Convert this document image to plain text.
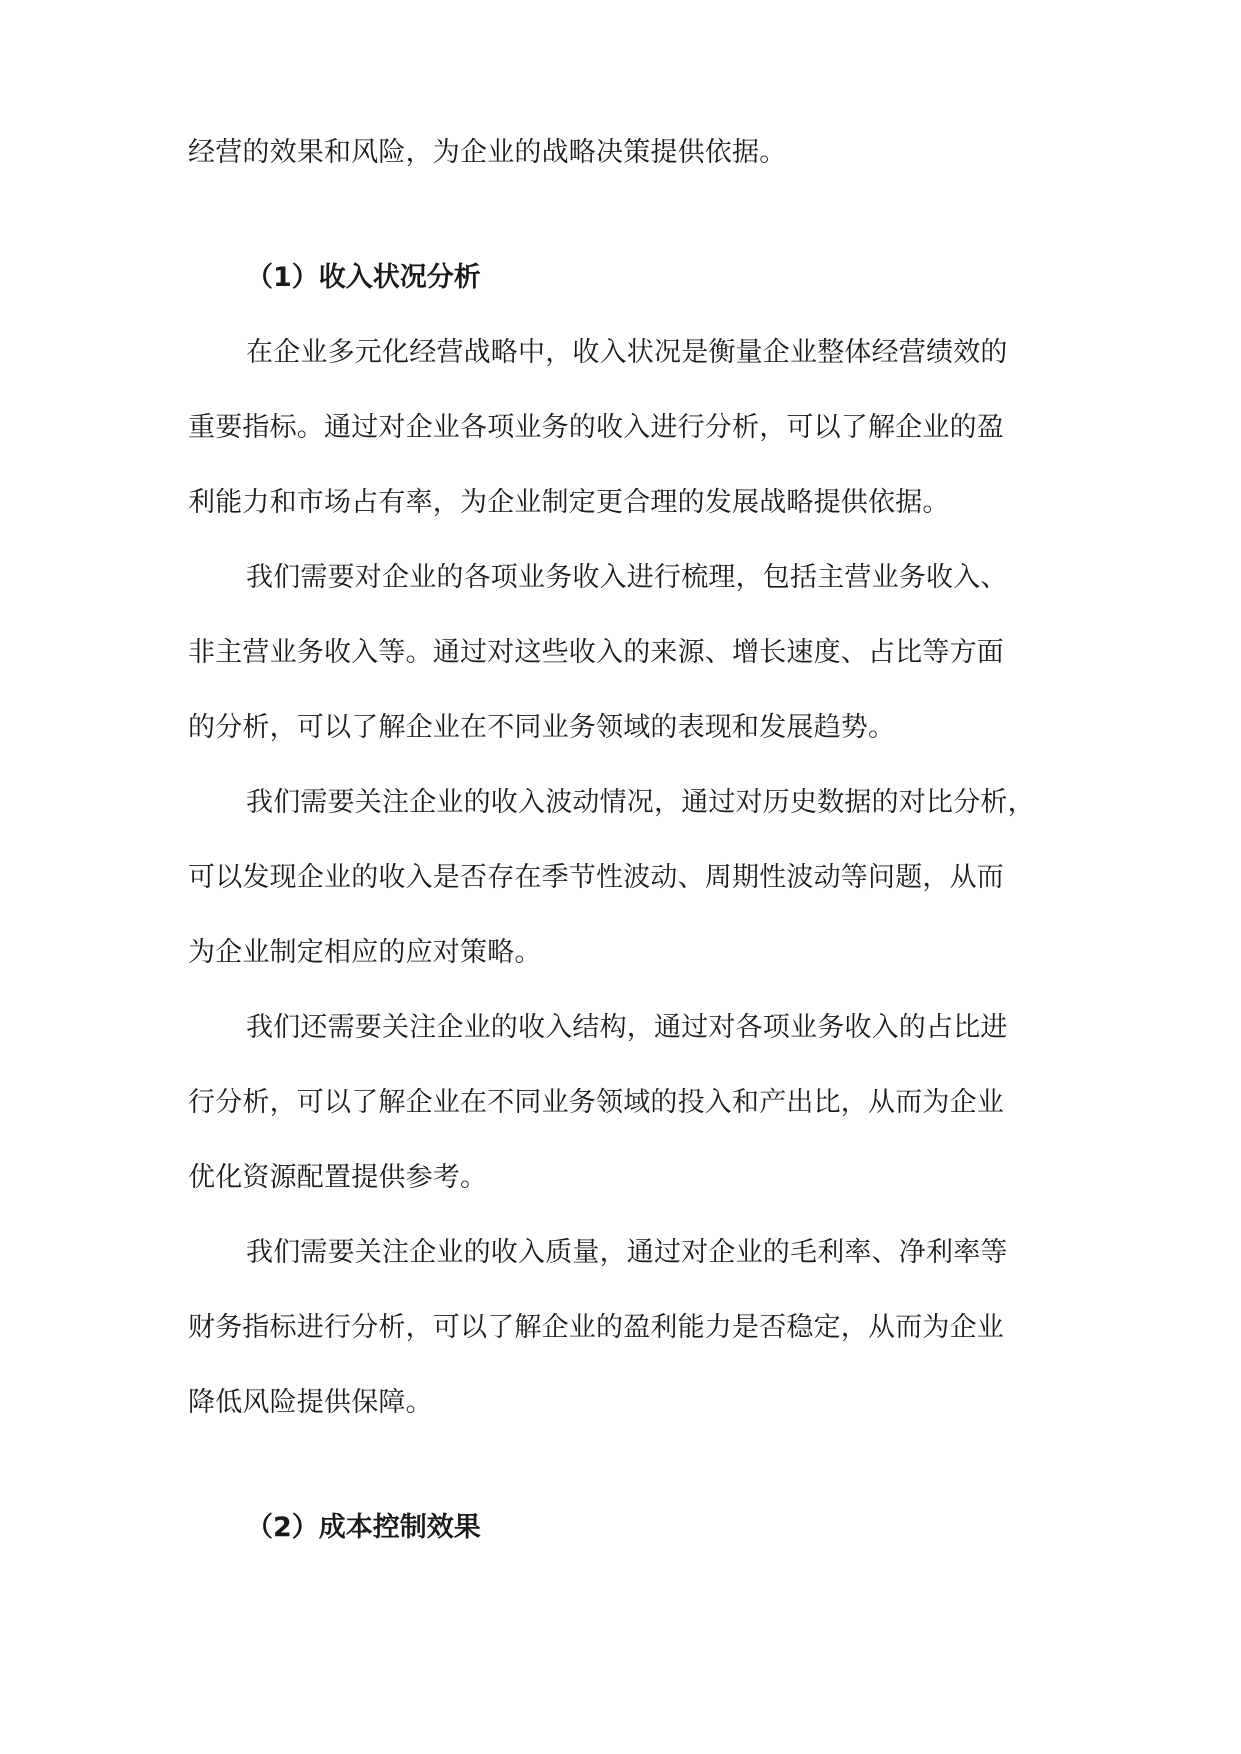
经营的效果和风险，为企业的战略决策提供依据。
（1）收入状况分析
在企业多元化经营战略中，收入状况是衡量企业整体经营绩效的
重要指标。通过对企业各项业务的收入进行分析，可以了解企业的盈
利能力和市场占有率，为企业制定更合理的发展战略提供依据。
我们需要对企业的各项业务收入进行梳理，包括主营业务收入、
非主营业务收入等。通过对这些收入的来源、增长速度、占比等方面
的分析，可以了解企业在不同业务领域的表现和发展趋势。
我们需要关注企业的收入波动情况，通过对历史数据的对比分析，
可以发现企业的收入是否存在季节性波动、周期性波动等问题，从而
为企业制定相应的应对策略。
我们还需要关注企业的收入结构，通过对各项业务收入的占比进
行分析，可以了解企业在不同业务领域的投入和产出比，从而为企业
优化资源配置提供参考。
我们需要关注企业的收入质量，通过对企业的毛利率、净利率等
财务指标进行分析，可以了解企业的盈利能力是否稳定，从而为企业
降低风险提供保障。
（2）成本控制效果
